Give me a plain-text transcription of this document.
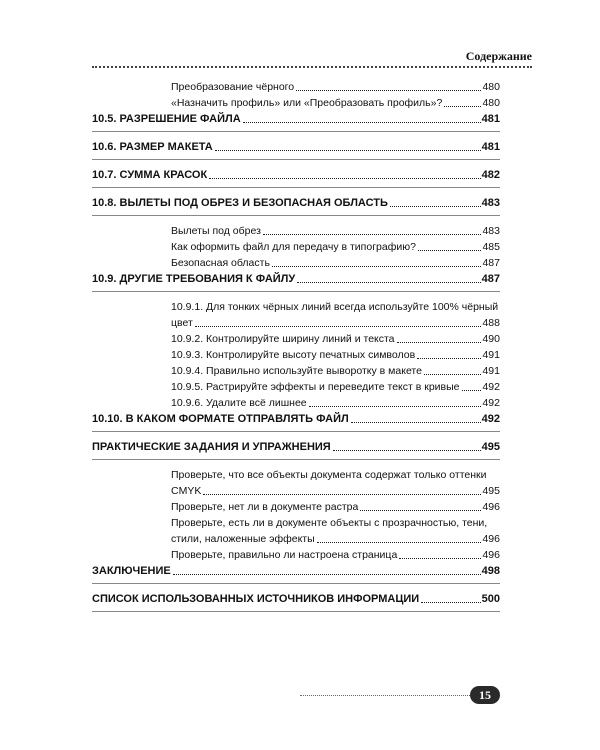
Содержание
Преобразование чёрного	480
«Назначить профиль» или «Преобразовать профиль»?	480
10.5. РАЗРЕШЕНИЕ ФАЙЛА	481
10.6. РАЗМЕР МАКЕТА	481
10.7. СУММА КРАСОК	482
10.8. ВЫЛЕТЫ ПОД ОБРЕЗ И БЕЗОПАСНАЯ ОБЛАСТЬ	483
Вылеты под обрез	483
Как оформить файл для передачу в типографию?	485
Безопасная область	487
10.9. ДРУГИЕ ТРЕБОВАНИЯ К ФАЙЛУ	487
10.9.1. Для тонких чёрных линий всегда используйте 100% чёрный
цвет	488
10.9.2. Контролируйте ширину линий и текста	490
10.9.3. Контролируйте высоту печатных символов	491
10.9.4. Правильно используйте выворотку в макете	491
10.9.5. Растрируйте эффекты и переведите текст в кривые 492
10.9.6. Удалите всё лишнее	492
10.10. В КАКОМ ФОРМАТЕ ОТПРАВЛЯТЬ ФАЙЛ	492
ПРАКТИЧЕСКИЕ ЗАДАНИЯ И УПРАЖНЕНИЯ	495
Проверьте, что все объекты документа содержат только оттенки
CMYK	495
Проверьте, нет ли в документе растра	496
Проверьте, есть ли в документе объекты с прозрачностью, тени,
стили, наложенные эффекты	496
Проверьте, правильно ли настроена страница	496
ЗАКЛЮЧЕНИЕ	498
СПИСОК ИСПОЛЬЗОВАННЫХ ИСТОЧНИКОВ ИНФОРМАЦИИ	500
15
